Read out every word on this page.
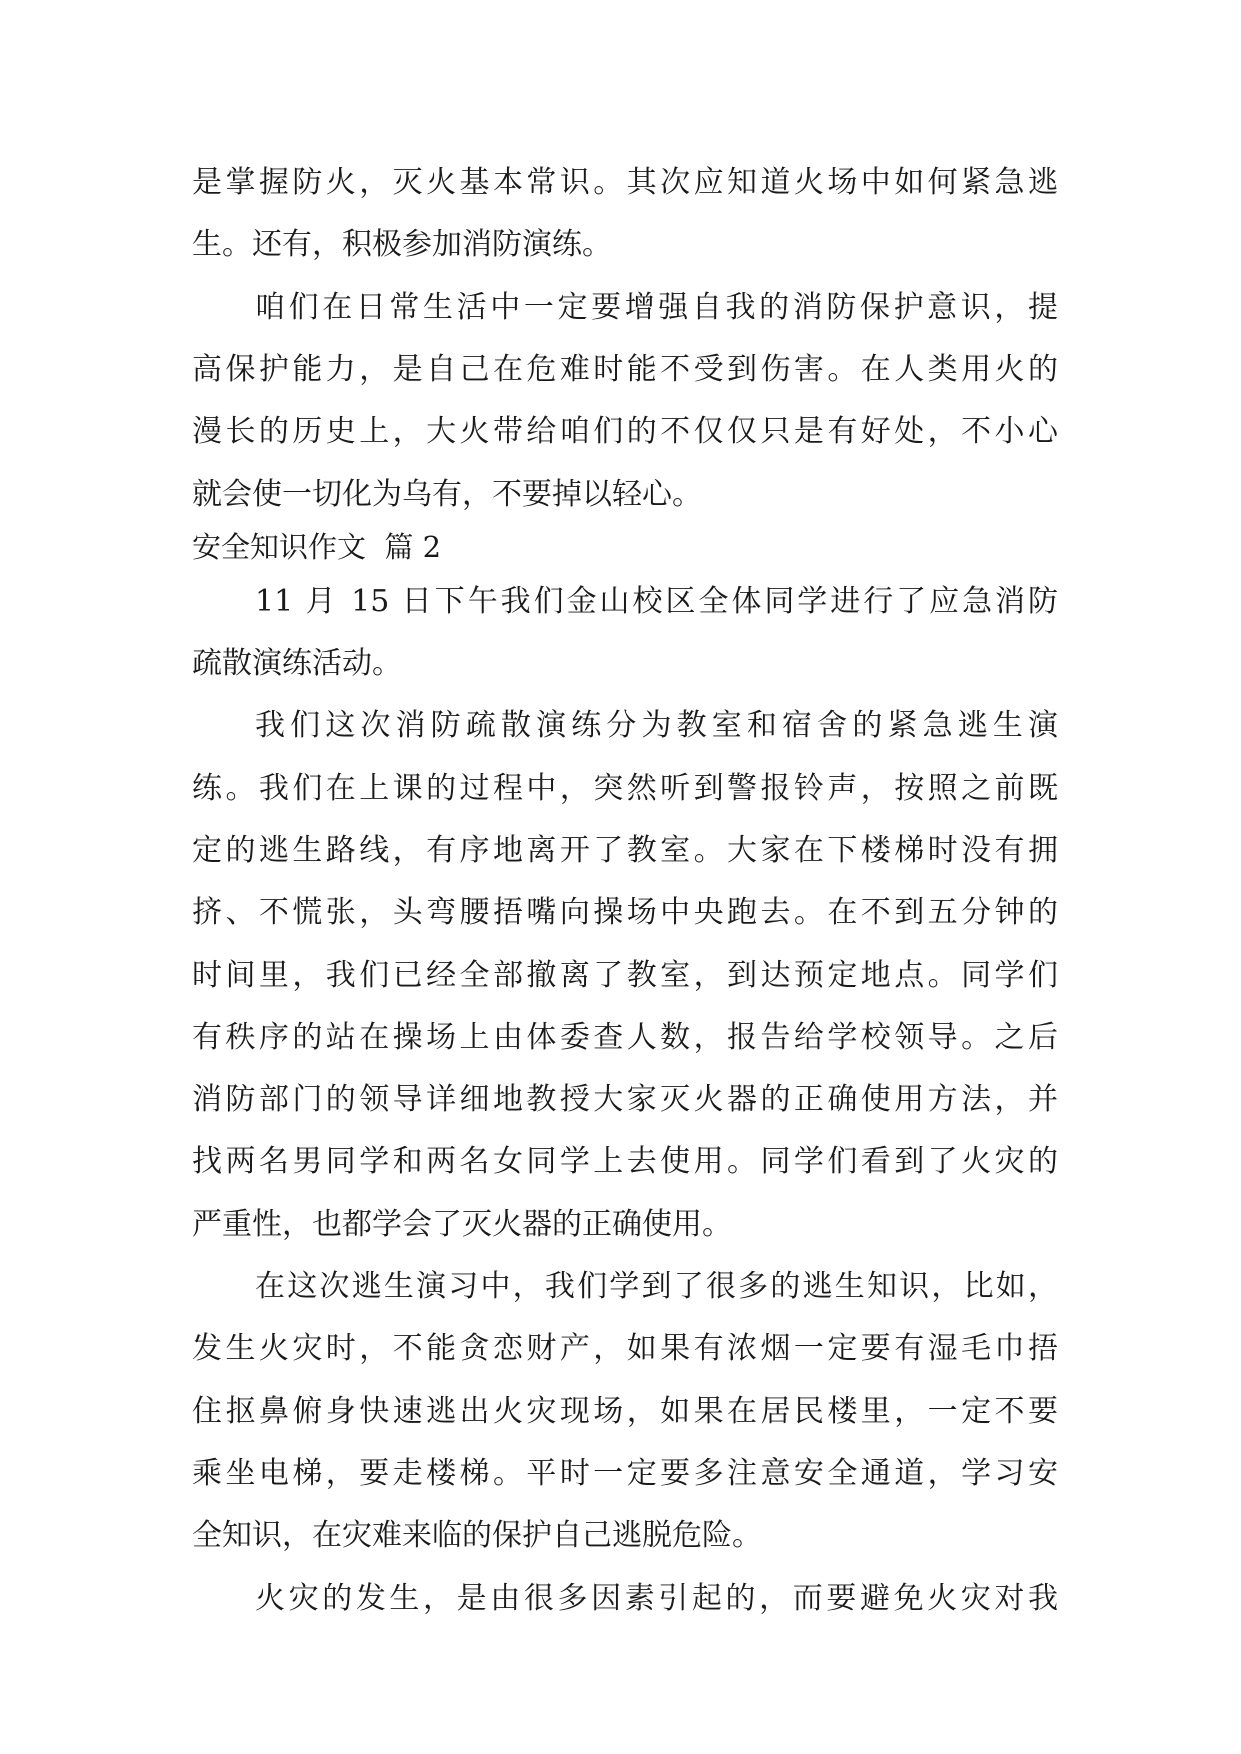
是掌握防火，灭火基本常识。其次应知道火场中如何紧急逃
生。还有，积极参加消防演练。
咱们在日常生活中一定要增强自我的消防保护意识，提
高保护能力，是自己在危难时能不受到伤害。在人类用火的
漫长的历史上，大火带给咱们的不仅仅只是有好处，不小心
就会使一切化为乌有，不要掉以轻心。
安全知识作文  篇 2
11 月 15 日下午我们金山校区全体同学进行了应急消防
疏散演练活动。
我们这次消防疏散演练分为教室和宿舍的紧急逃生演
练。我们在上课的过程中，突然听到警报铃声，按照之前既
定的逃生路线，有序地离开了教室。大家在下楼梯时没有拥
挤、不慌张，头弯腰捂嘴向操场中央跑去。在不到五分钟的
时间里，我们已经全部撤离了教室，到达预定地点。同学们
有秩序的站在操场上由体委查人数，报告给学校领导。之后
消防部门的领导详细地教授大家灭火器的正确使用方法，并
找两名男同学和两名女同学上去使用。同学们看到了火灾的
严重性，也都学会了灭火器的正确使用。
在这次逃生演习中，我们学到了很多的逃生知识，比如，
发生火灾时，不能贪恋财产，如果有浓烟一定要有湿毛巾捂
住抠鼻俯身快速逃出火灾现场，如果在居民楼里，一定不要
乘坐电梯，要走楼梯。平时一定要多注意安全通道，学习安
全知识，在灾难来临的保护自己逃脱危险。
火灾的发生，是由很多因素引起的，而要避免火灾对我
